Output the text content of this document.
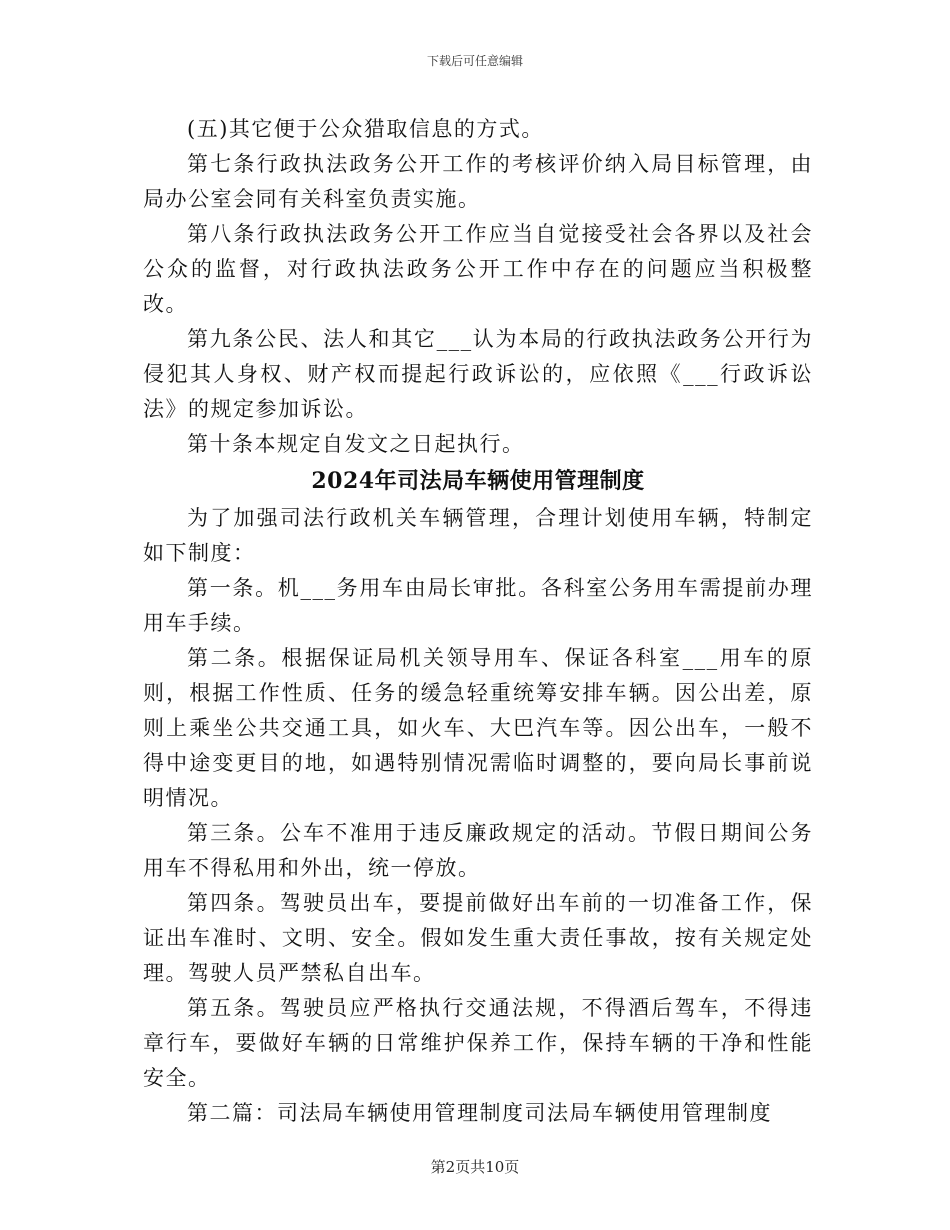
下载后可任意编辑

(五)其它便于公众猎取信息的方式。

第七条行政执法政务公开工作的考核评价纳入局目标管理，由局办公室会同有关科室负责实施。

第八条行政执法政务公开工作应当自觉接受社会各界以及社会公众的监督，对行政执法政务公开工作中存在的问题应当积极整改。

第九条公民、法人和其它___认为本局的行政执法政务公开行为侵犯其人身权、财产权而提起行政诉讼的，应依照《___行政诉讼法》的规定参加诉讼。

第十条本规定自发文之日起执行。

2024年司法局车辆使用管理制度

为了加强司法行政机关车辆管理，合理计划使用车辆，特制定如下制度：

第一条。机___务用车由局长审批。各科室公务用车需提前办理用车手续。

第二条。根据保证局机关领导用车、保证各科室___用车的原则，根据工作性质、任务的缓急轻重统筹安排车辆。因公出差，原则上乘坐公共交通工具，如火车、大巴汽车等。因公出车，一般不得中途变更目的地，如遇特别情况需临时调整的，要向局长事前说明情况。

第三条。公车不准用于违反廉政规定的活动。节假日期间公务用车不得私用和外出，统一停放。

第四条。驾驶员出车，要提前做好出车前的一切准备工作，保证出车准时、文明、安全。假如发生重大责任事故，按有关规定处理。驾驶人员严禁私自出车。

第五条。驾驶员应严格执行交通法规，不得酒后驾车，不得违章行车，要做好车辆的日常维护保养工作，保持车辆的干净和性能安全。

第二篇：司法局车辆使用管理制度司法局车辆使用管理制度

第2页共10页
